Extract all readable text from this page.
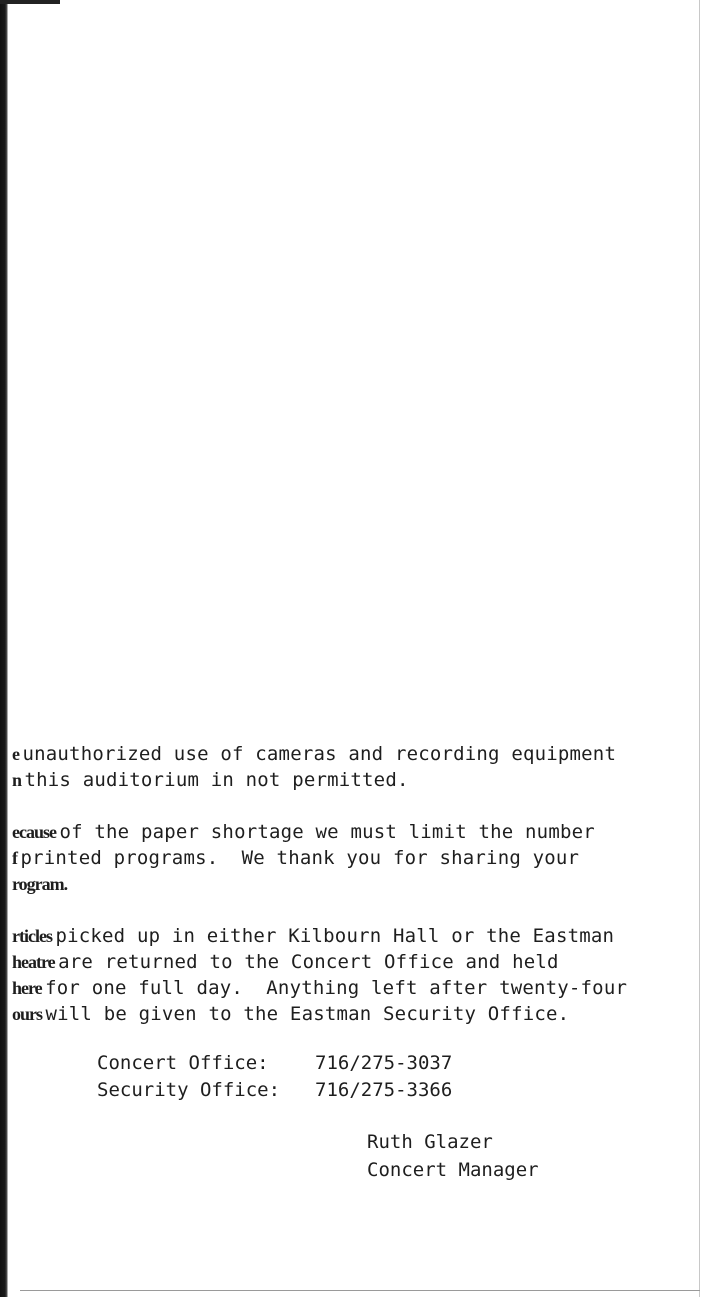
e unauthorized use of cameras and recording equipment
n this auditorium in not permitted.
ecause of the paper shortage we must limit the number
f printed programs.  We thank you for sharing your
rogram.
rticles picked up in either Kilbourn Hall or the Eastman
heatre are returned to the Concert Office and held
here for one full day.  Anything left after twenty-four
ours will be given to the Eastman Security Office.
Concert Office:	716/275-3037
Security Office:	716/275-3366
Ruth Glazer
Concert Manager
